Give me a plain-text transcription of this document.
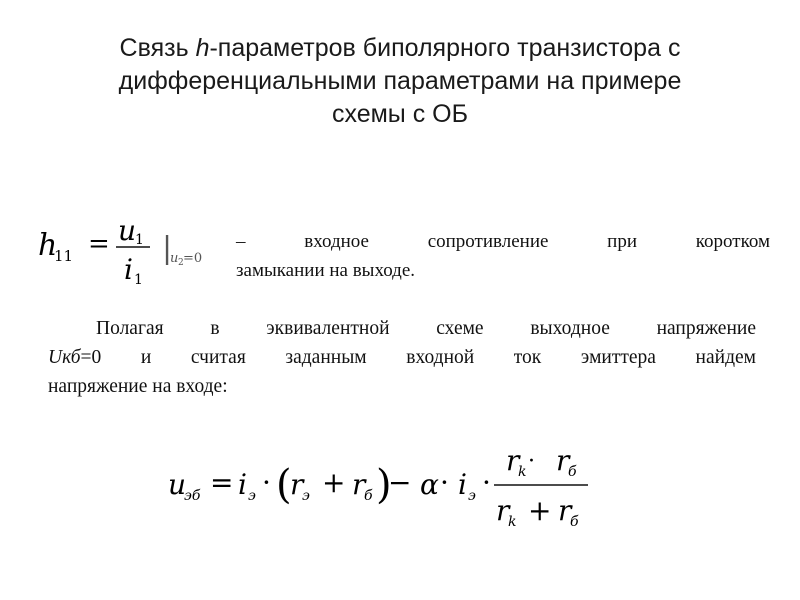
Связь h-параметров биполярного транзистора с
дифференциальными параметрами на примере
схемы с ОБ
h
11 = u
1
i 1
|
u 2 =0
– входное сопротивление при коротком
замыкании на выходе.
Полагая в эквивалентной схеме выходное напряжение
Uкб=0 и считая заданным входной ток эмиттера найдем
напряжение на входе:
u i r r α i
r r
r r
эб	э	э	б	э
k	б
k	б
= · +	· ·
·
+
−
( )
